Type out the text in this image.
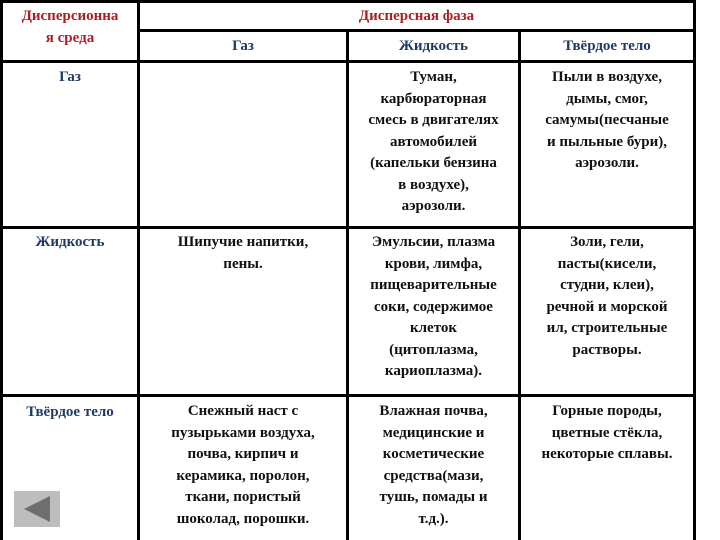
Дисперсионна
я среда
Дисперсная фаза
Газ	Жидкость	Твёрдое тело
Газ
Жидкость
Твёрдое тело
Туман,
карбюраторная
смесь в двигателях
автомобилей
(капельки бензина
в воздухе),
аэрозоли.
Пыли в воздухе,
дымы, смог,
самумы(песчаные
и пыльные бури),
аэрозоли.
Шипучие напитки,
пены.
Эмульсии, плазма
крови, лимфа,
пищеварительные
соки, содержимое
клеток
(цитоплазма,
кариоплазма).
Золи, гели,
пасты(кисели,
студни, клеи),
речной и морской
ил, строительные
растворы.
Снежный наст с
пузырьками воздуха,
почва, кирпич и
керамика, поролон,
ткани, пористый
шоколад, порошки.
Влажная почва,
медицинские и
косметические
средства(мази,
тушь, помады и
т.д.).
Горные породы,
цветные стёкла,
некоторые сплавы.
